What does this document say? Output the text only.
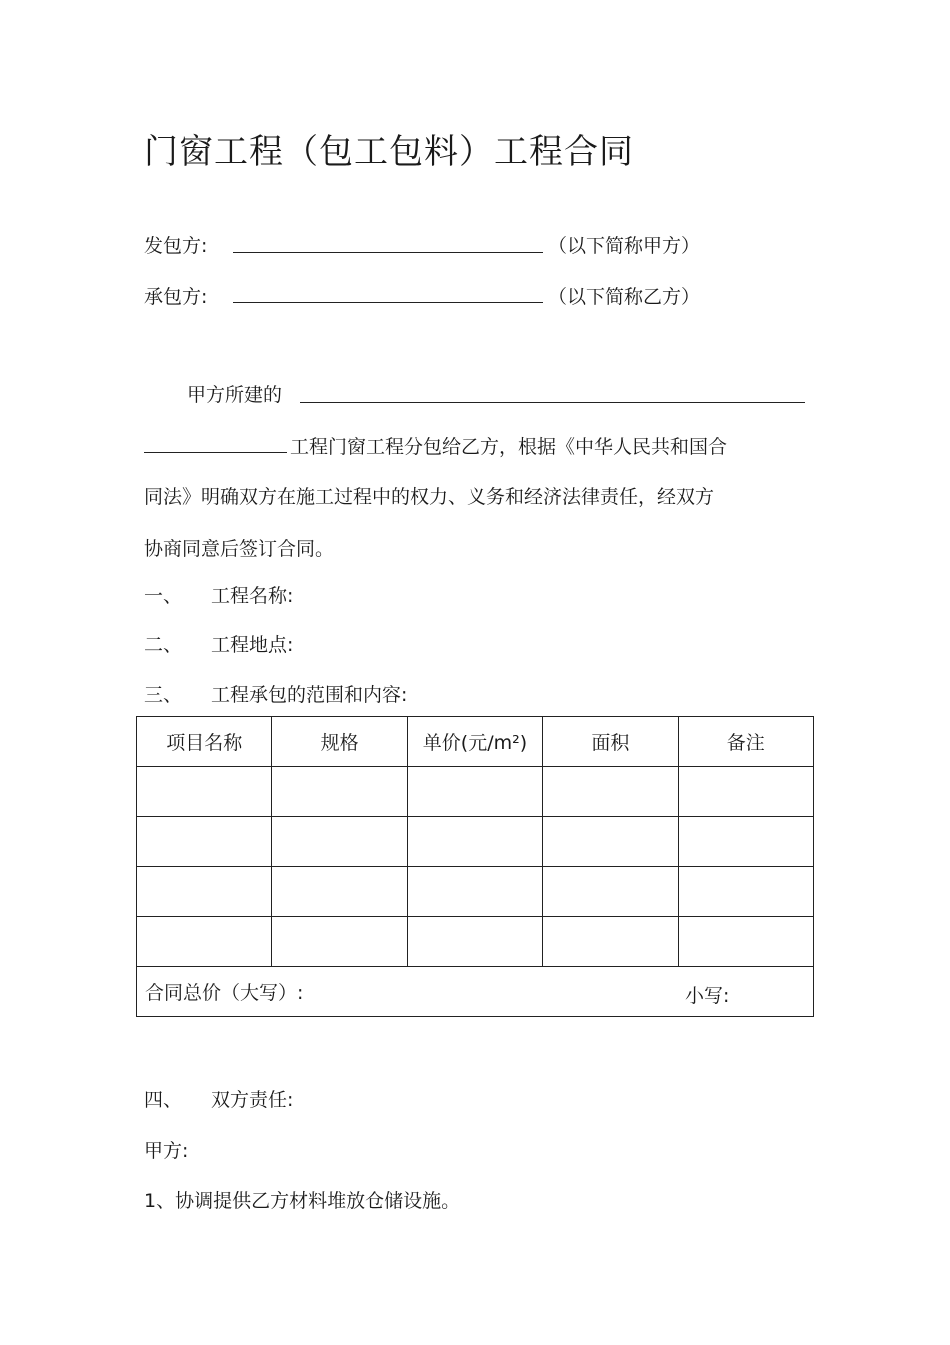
门窗工程（包工包料）工程合同
发包方:	（以下简称甲方）
承包方:	（以下简称乙方）
甲方所建的
工程门窗工程分包给乙方，根据《中华人民共和国合
同法》明确双方在施工过程中的权力、义务和经济法律责任，经双方
协商同意后签订合同。
一、 工程名称:
二、 工程地点:
三、 工程承包的范围和内容:
项目名称	规格	单价(元/m²)	面积	备注

合同总价（大写）: 小写:				
四、 双方责任:
甲方:
1、协调提供乙方材料堆放仓储设施。
